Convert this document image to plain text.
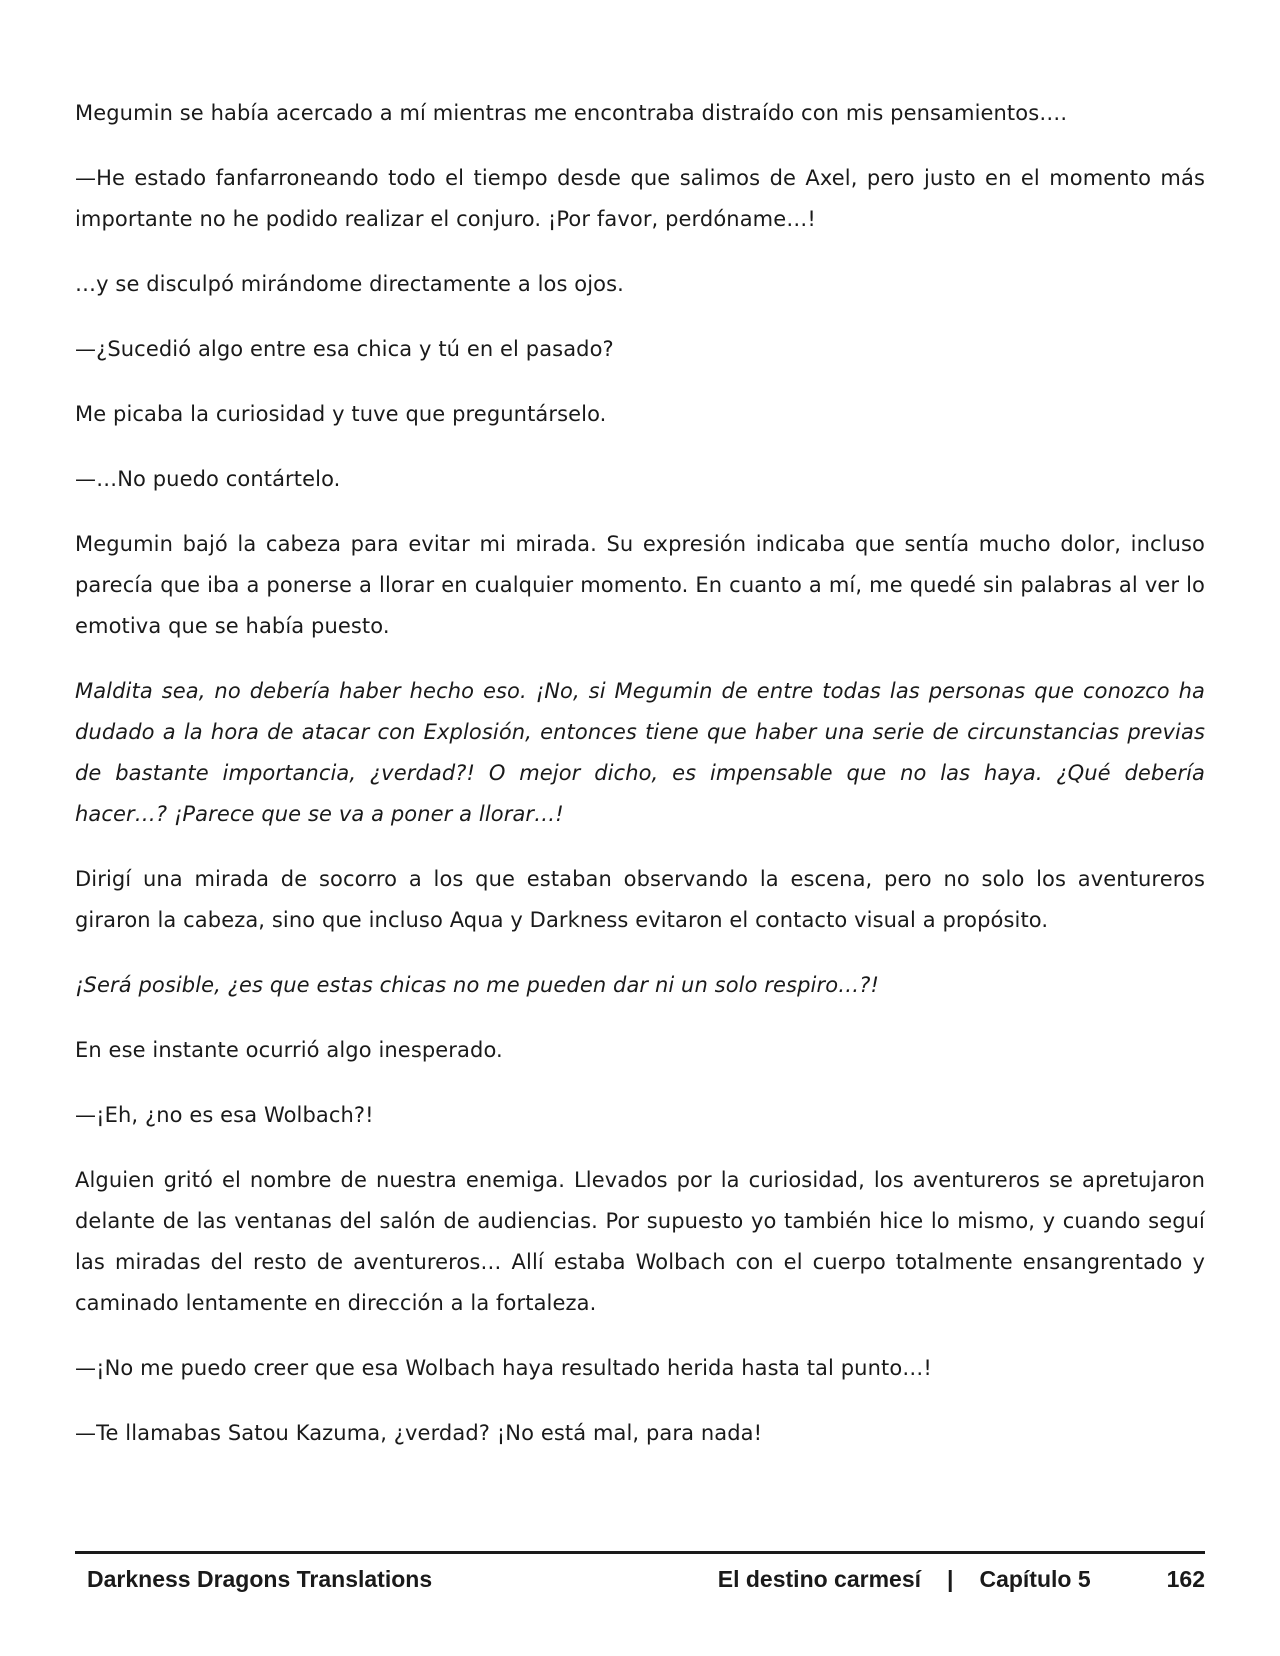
Megumin se había acercado a mí mientras me encontraba distraído con mis pensamientos….

—He estado fanfarroneando todo el tiempo desde que salimos de Axel, pero justo en el momento más importante no he podido realizar el conjuro. ¡Por favor, perdóname…!

…y se disculpó mirándome directamente a los ojos.

—¿Sucedió algo entre esa chica y tú en el pasado?

Me picaba la curiosidad y tuve que preguntárselo.

—…No puedo contártelo.

Megumin bajó la cabeza para evitar mi mirada. Su expresión indicaba que sentía mucho dolor, incluso parecía que iba a ponerse a llorar en cualquier momento. En cuanto a mí, me quedé sin palabras al ver lo emotiva que se había puesto.

Maldita sea, no debería haber hecho eso. ¡No, si Megumin de entre todas las personas que conozco ha dudado a la hora de atacar con Explosión, entonces tiene que haber una serie de circunstancias previas de bastante importancia, ¿verdad?! O mejor dicho, es impensable que no las haya. ¿Qué debería hacer…? ¡Parece que se va a poner a llorar…!

Dirigí una mirada de socorro a los que estaban observando la escena, pero no solo los aventureros giraron la cabeza, sino que incluso Aqua y Darkness evitaron el contacto visual a propósito.

¡Será posible, ¿es que estas chicas no me pueden dar ni un solo respiro…?!

En ese instante ocurrió algo inesperado.

—¡Eh, ¿no es esa Wolbach?!

Alguien gritó el nombre de nuestra enemiga. Llevados por la curiosidad, los aventureros se apretujaron delante de las ventanas del salón de audiencias. Por supuesto yo también hice lo mismo, y cuando seguí las miradas del resto de aventureros… Allí estaba Wolbach con el cuerpo totalmente ensangrentado y caminado lentamente en dirección a la fortaleza.

—¡No me puedo creer que esa Wolbach haya resultado herida hasta tal punto…!

—Te llamabas Satou Kazuma, ¿verdad? ¡No está mal, para nada!

Darkness Dragons Translations	El destino carmesí | Capítulo 5	162
